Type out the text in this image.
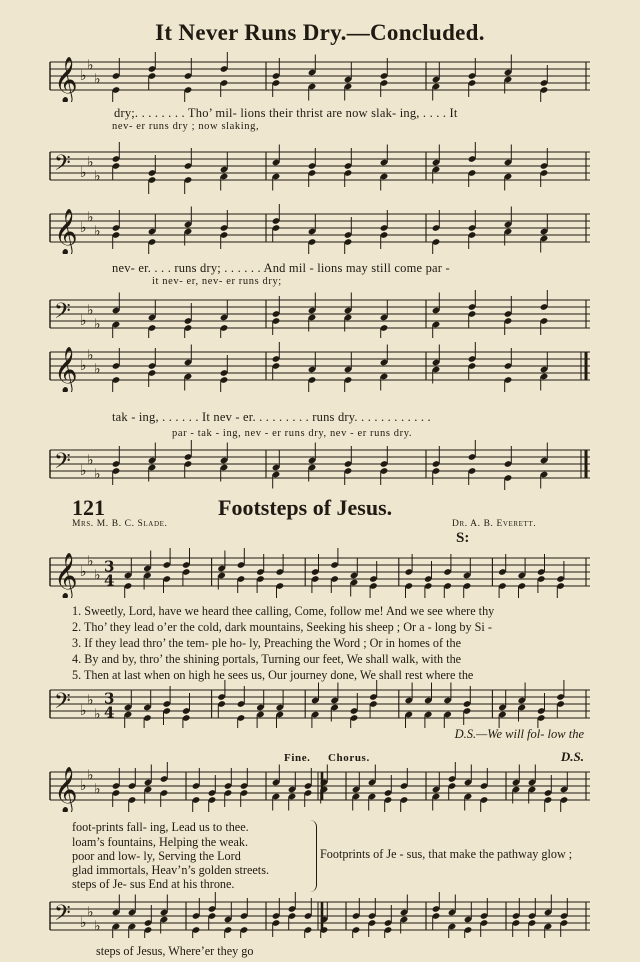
It Never Runs Dry.—Concluded.
𝄞 ♭
♭
♭
dry;. . . . . . . . Tho’ mil- lions their thrist are now slak- ing, . . . . It
nev- er runs dry ; now slaking,
𝄢 ♭
♭
♭
𝄞 ♭
♭
♭
nev- er. . . . runs dry; . . . . . . And mil - lions may still come par -
it nev- er, nev- er runs dry;
𝄢 ♭
♭
♭
𝄞 ♭
♭
♭
tak - ing, . . . . . . It nev - er. . . . . . . . . runs dry. . . . . . . . . . . .
par - tak - ing, nev - er runs dry, nev - er runs dry.
𝄢 ♭
♭
♭
121	Footsteps of Jesus.
Mrs. M. B. C. Slade.	Dr. A. B. Everett.
S:
𝄞 ♭
♭
♭
3
4
1. Sweetly, Lord, have we heard thee calling, Come, follow me! And we see where thy
2. Tho’ they lead o’er the cold, dark mountains, Seeking his sheep ; Or a - long by Si -
3. If they lead thro’ the tem- ple ho- ly, Preaching the Word ; Or in homes of the
4. By and by, thro’ the shining portals, Turning our feet, We shall walk, with the
5. Then at last when on high he sees us, Our journey done, We shall rest where the
𝄢 ♭
♭
♭
3
4
D.S.—We will fol- low the
Fine. Chorus.	D.S.
𝄞 ♭
♭
♭
foot-prints fall- ing, Lead us to thee.
loam’s fountains, Helping the weak.
poor and low- ly, Serving the Lord
glad immortals, Heav’n’s golden streets.
steps of Je- sus End at his throne.
Footprints of Je - sus, that make the pathway glow ;
𝄢 ♭
♭
♭
steps of Jesus, Where’er they go
